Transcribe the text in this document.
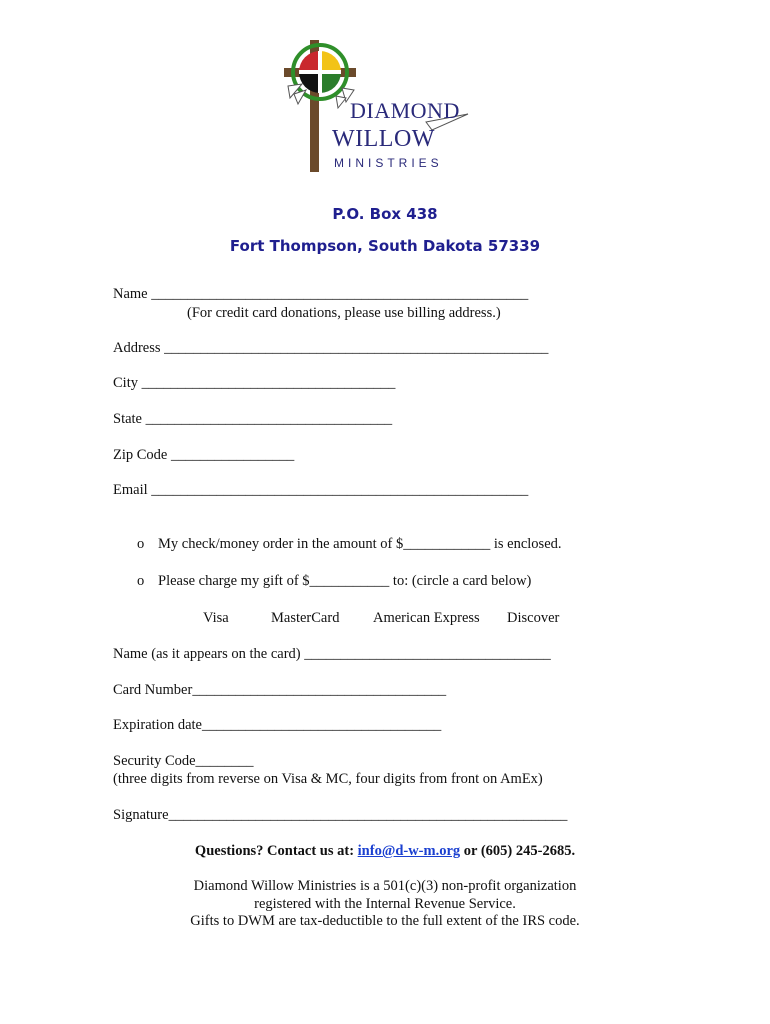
DIAMOND
WILLOW
MINISTRIES
P.O. Box 438
Fort Thompson, South Dakota 57339
Name ____________________________________________________
(For credit card donations, please use billing address.)
Address _____________________________________________________
City ___________________________________
State __________________________________
Zip Code _________________
Email ____________________________________________________
o My check/money order in the amount of $____________ is enclosed.
o Please charge my gift of $___________ to: (circle a card below)
Visa	MasterCard American Express Discover
Name (as it appears on the card) __________________________________
Card Number___________________________________
Expiration date_________________________________
Security Code________
(three digits from reverse on Visa & MC, four digits from front on AmEx)
Signature_______________________________________________________
Questions? Contact us at: info@d-w-m.org or (605) 245-2685.
Diamond Willow Ministries is a 501(c)(3) non-profit organization
registered with the Internal Revenue Service.
Gifts to DWM are tax-deductible to the full extent of the IRS code.
